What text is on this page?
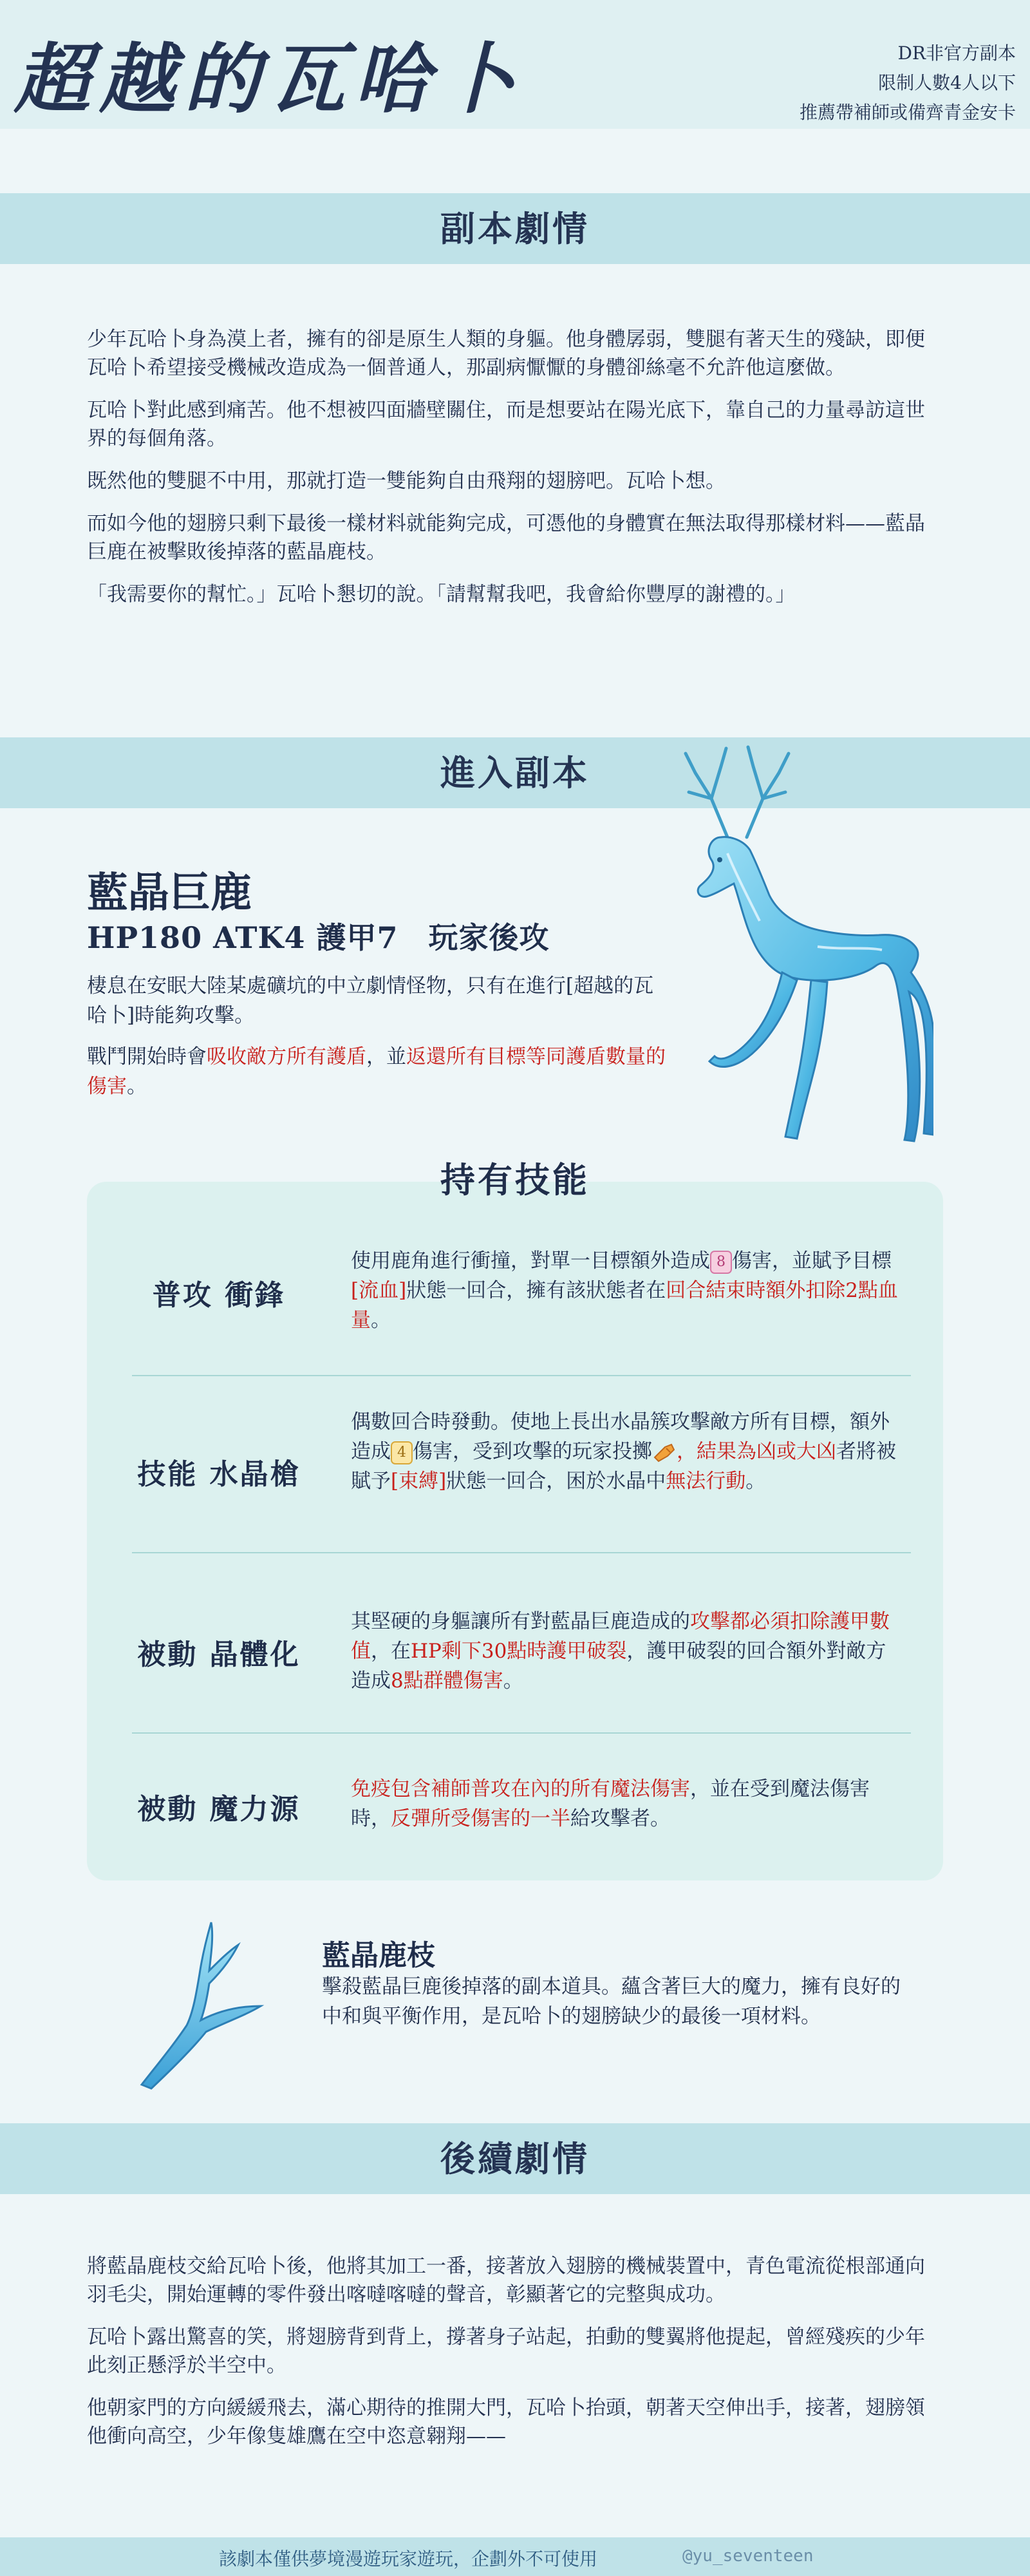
超越的瓦哈卜	DR非官方副本
限制人數4人以下
推薦帶補師或備齊青金安卡
副本劇情

少年瓦哈卜身為漠上者，擁有的卻是原生人類的身軀。他身體孱弱，雙腿有著天生的殘缺，即便瓦哈卜希望接受機械改造成為一個普通人，那副病懨懨的身體卻絲毫不允許他這麼做。

瓦哈卜對此感到痛苦。他不想被四面牆壁關住，而是想要站在陽光底下，靠自己的力量尋訪這世界的每個角落。

既然他的雙腿不中用，那就打造一雙能夠自由飛翔的翅膀吧。瓦哈卜想。

而如今他的翅膀只剩下最後一樣材料就能夠完成，可憑他的身體實在無法取得那樣材料——藍晶巨鹿在被擊敗後掉落的藍晶鹿枝。

「我需要你的幫忙。」瓦哈卜懇切的說。「請幫幫我吧，我會給你豐厚的謝禮的。」

進入副本
藍晶巨鹿
HP180 ATK4 護甲7　玩家後攻

棲息在安眠大陸某處礦坑的中立劇情怪物，只有在進行[超越的瓦哈卜]時能夠攻擊。

戰鬥開始時會吸收敵方所有護盾，並返還所有目標等同護盾數量的傷害。

普攻 衝鋒
使用鹿角進行衝撞，對單一目標額外造成 8 傷害，並賦予目標[流血]狀態一回合，擁有該狀態者在回合結束時額外扣除2點血量。
技能 水晶槍
偶數回合時發動。使地上長出水晶簇攻擊敵方所有目標，額外造成 4 傷害，受到攻擊的玩家投擲 ，結果為凶或大凶者將被賦予[束縛]狀態一回合，困於水晶中無法行動。
被動 晶體化
其堅硬的身軀讓所有對藍晶巨鹿造成的攻擊都必須扣除護甲數值，在HP剩下30點時護甲破裂，護甲破裂的回合額外對敵方造成8點群體傷害。
被動 魔力源
免疫包含補師普攻在內的所有魔法傷害，並在受到魔法傷害時，反彈所受傷害的一半給攻擊者。
持有技能
藍晶鹿枝
擊殺藍晶巨鹿後掉落的副本道具。蘊含著巨大的魔力，擁有良好的中和與平衡作用，是瓦哈卜的翅膀缺少的最後一項材料。
後續劇情

將藍晶鹿枝交給瓦哈卜後，他將其加工一番，接著放入翅膀的機械裝置中，青色電流從根部通向羽毛尖，開始運轉的零件發出喀噠喀噠的聲音，彰顯著它的完整與成功。

瓦哈卜露出驚喜的笑，將翅膀背到背上，撐著身子站起，拍動的雙翼將他提起，曾經殘疾的少年此刻正懸浮於半空中。

他朝家門的方向緩緩飛去，滿心期待的推開大門，瓦哈卜抬頭，朝著天空伸出手，接著，翅膀領他衝向高空，少年像隻雄鷹在空中恣意翱翔——

該劇本僅供夢境漫遊玩家遊玩，企劃外不可使用	@yu_seventeen
